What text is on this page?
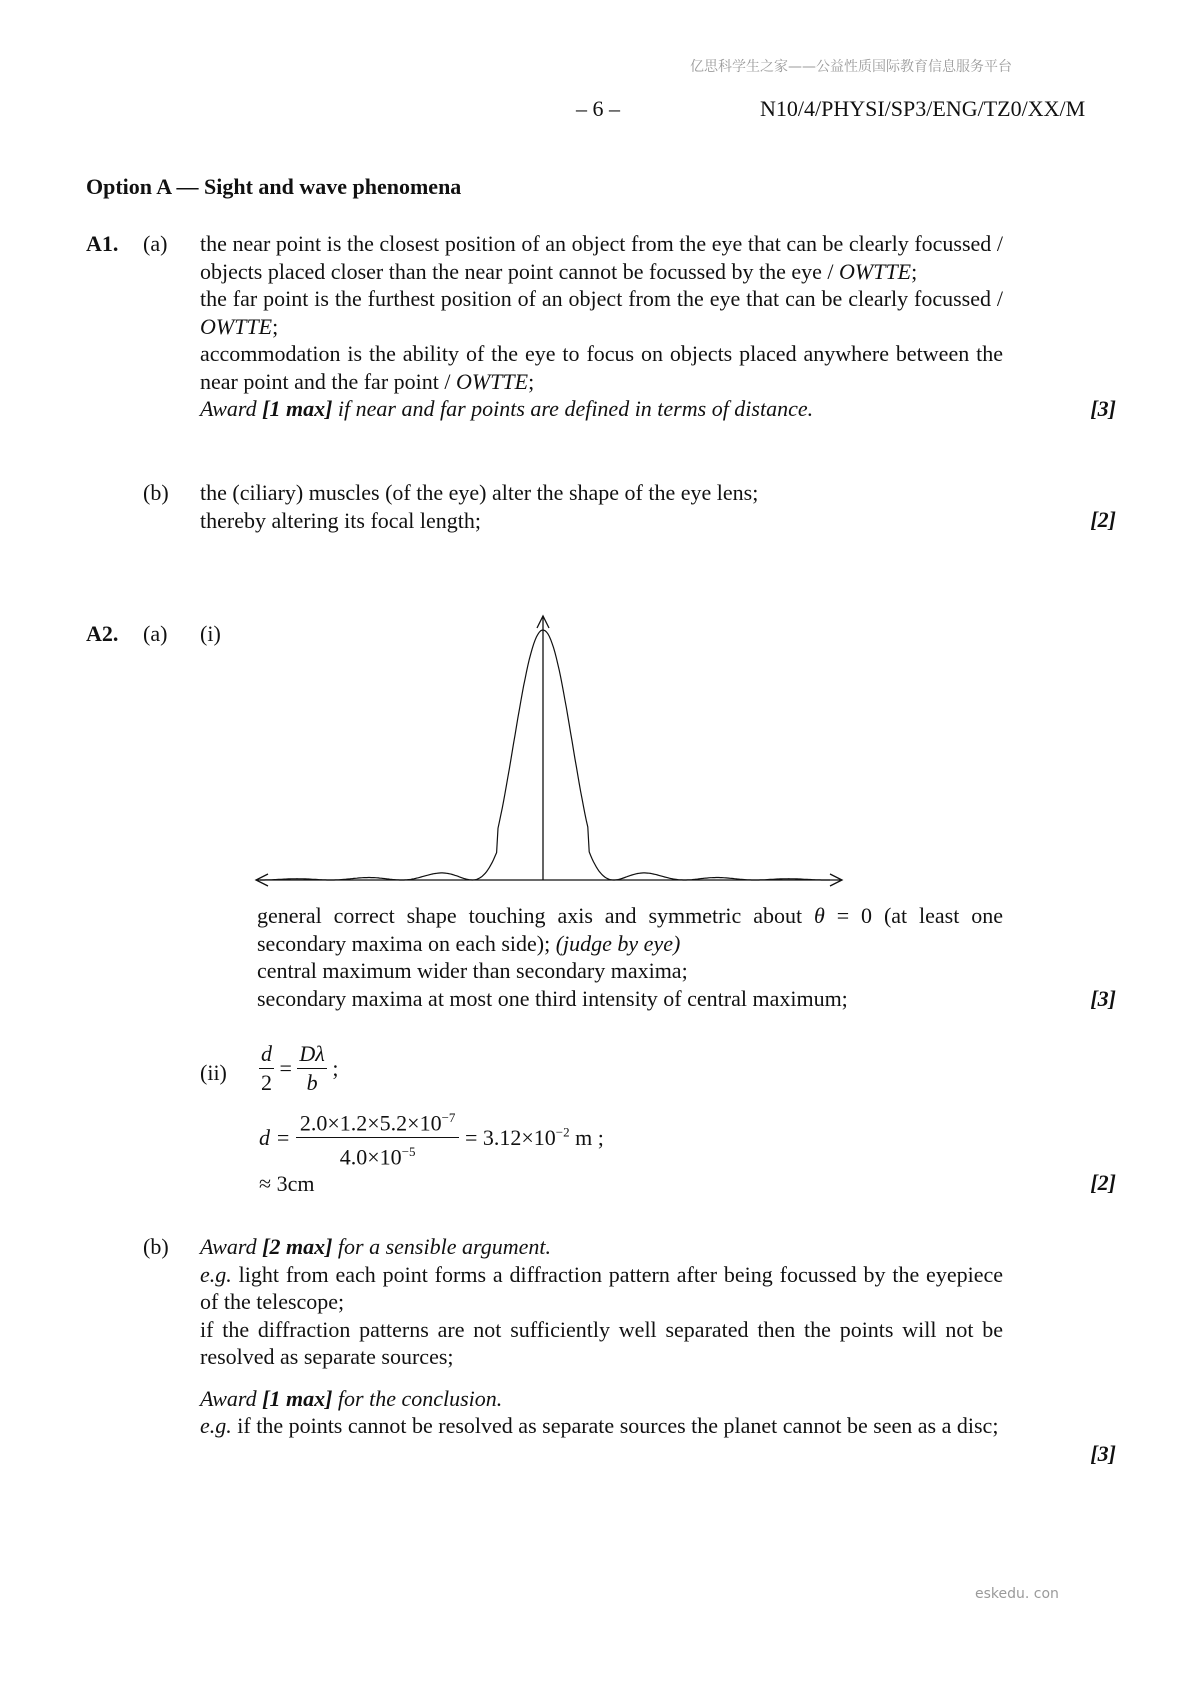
亿思科学生之家——公益性质国际教育信息服务平台
– 6 –	N10/4/PHYSI/SP3/ENG/TZ0/XX/M
Option A — Sight and wave phenomena
A1. (a) the near point is the closest position of an object from the eye that can be clearly focussed / objects placed closer than the near point cannot be focussed by the eye / OWTTE;
the far point is the furthest position of an object from the eye that can be clearly focussed / OWTTE;
accommodation is the ability of the eye to focus on objects placed anywhere between the near point and the far point / OWTTE;
Award [1 max] if near and far points are defined in terms of distance.	[3]
(b) the (ciliary) muscles (of the eye) alter the shape of the eye lens;
thereby altering its focal length;	[2]
A2. (a) (i)
general correct shape touching axis and symmetric about θ = 0 (at least one secondary maxima on each side); (judge by eye)
central maximum wider than secondary maxima;
secondary maxima at most one third intensity of central maximum;	[3]
$(ii) \frac{d}{2} = \frac{D\lambda}{b}$ ;
$d = \frac{2.0\times 1.2\times 5.2\times 10^{-7}}{4.0\times 10^{-5}} = 3.12\times 10^{-2}$ m ;
≈ 3cm	[2]
(b) Award [2 max] for a sensible argument.
e.g. light from each point forms a diffraction pattern after being focussed by the eyepiece of the telescope;
if the diffraction patterns are not sufficiently well separated then the points will not be resolved as separate sources;
Award [1 max] for the conclusion.
e.g. if the points cannot be resolved as separate sources the planet cannot be seen as a disc;
[3]
eskedu. con
